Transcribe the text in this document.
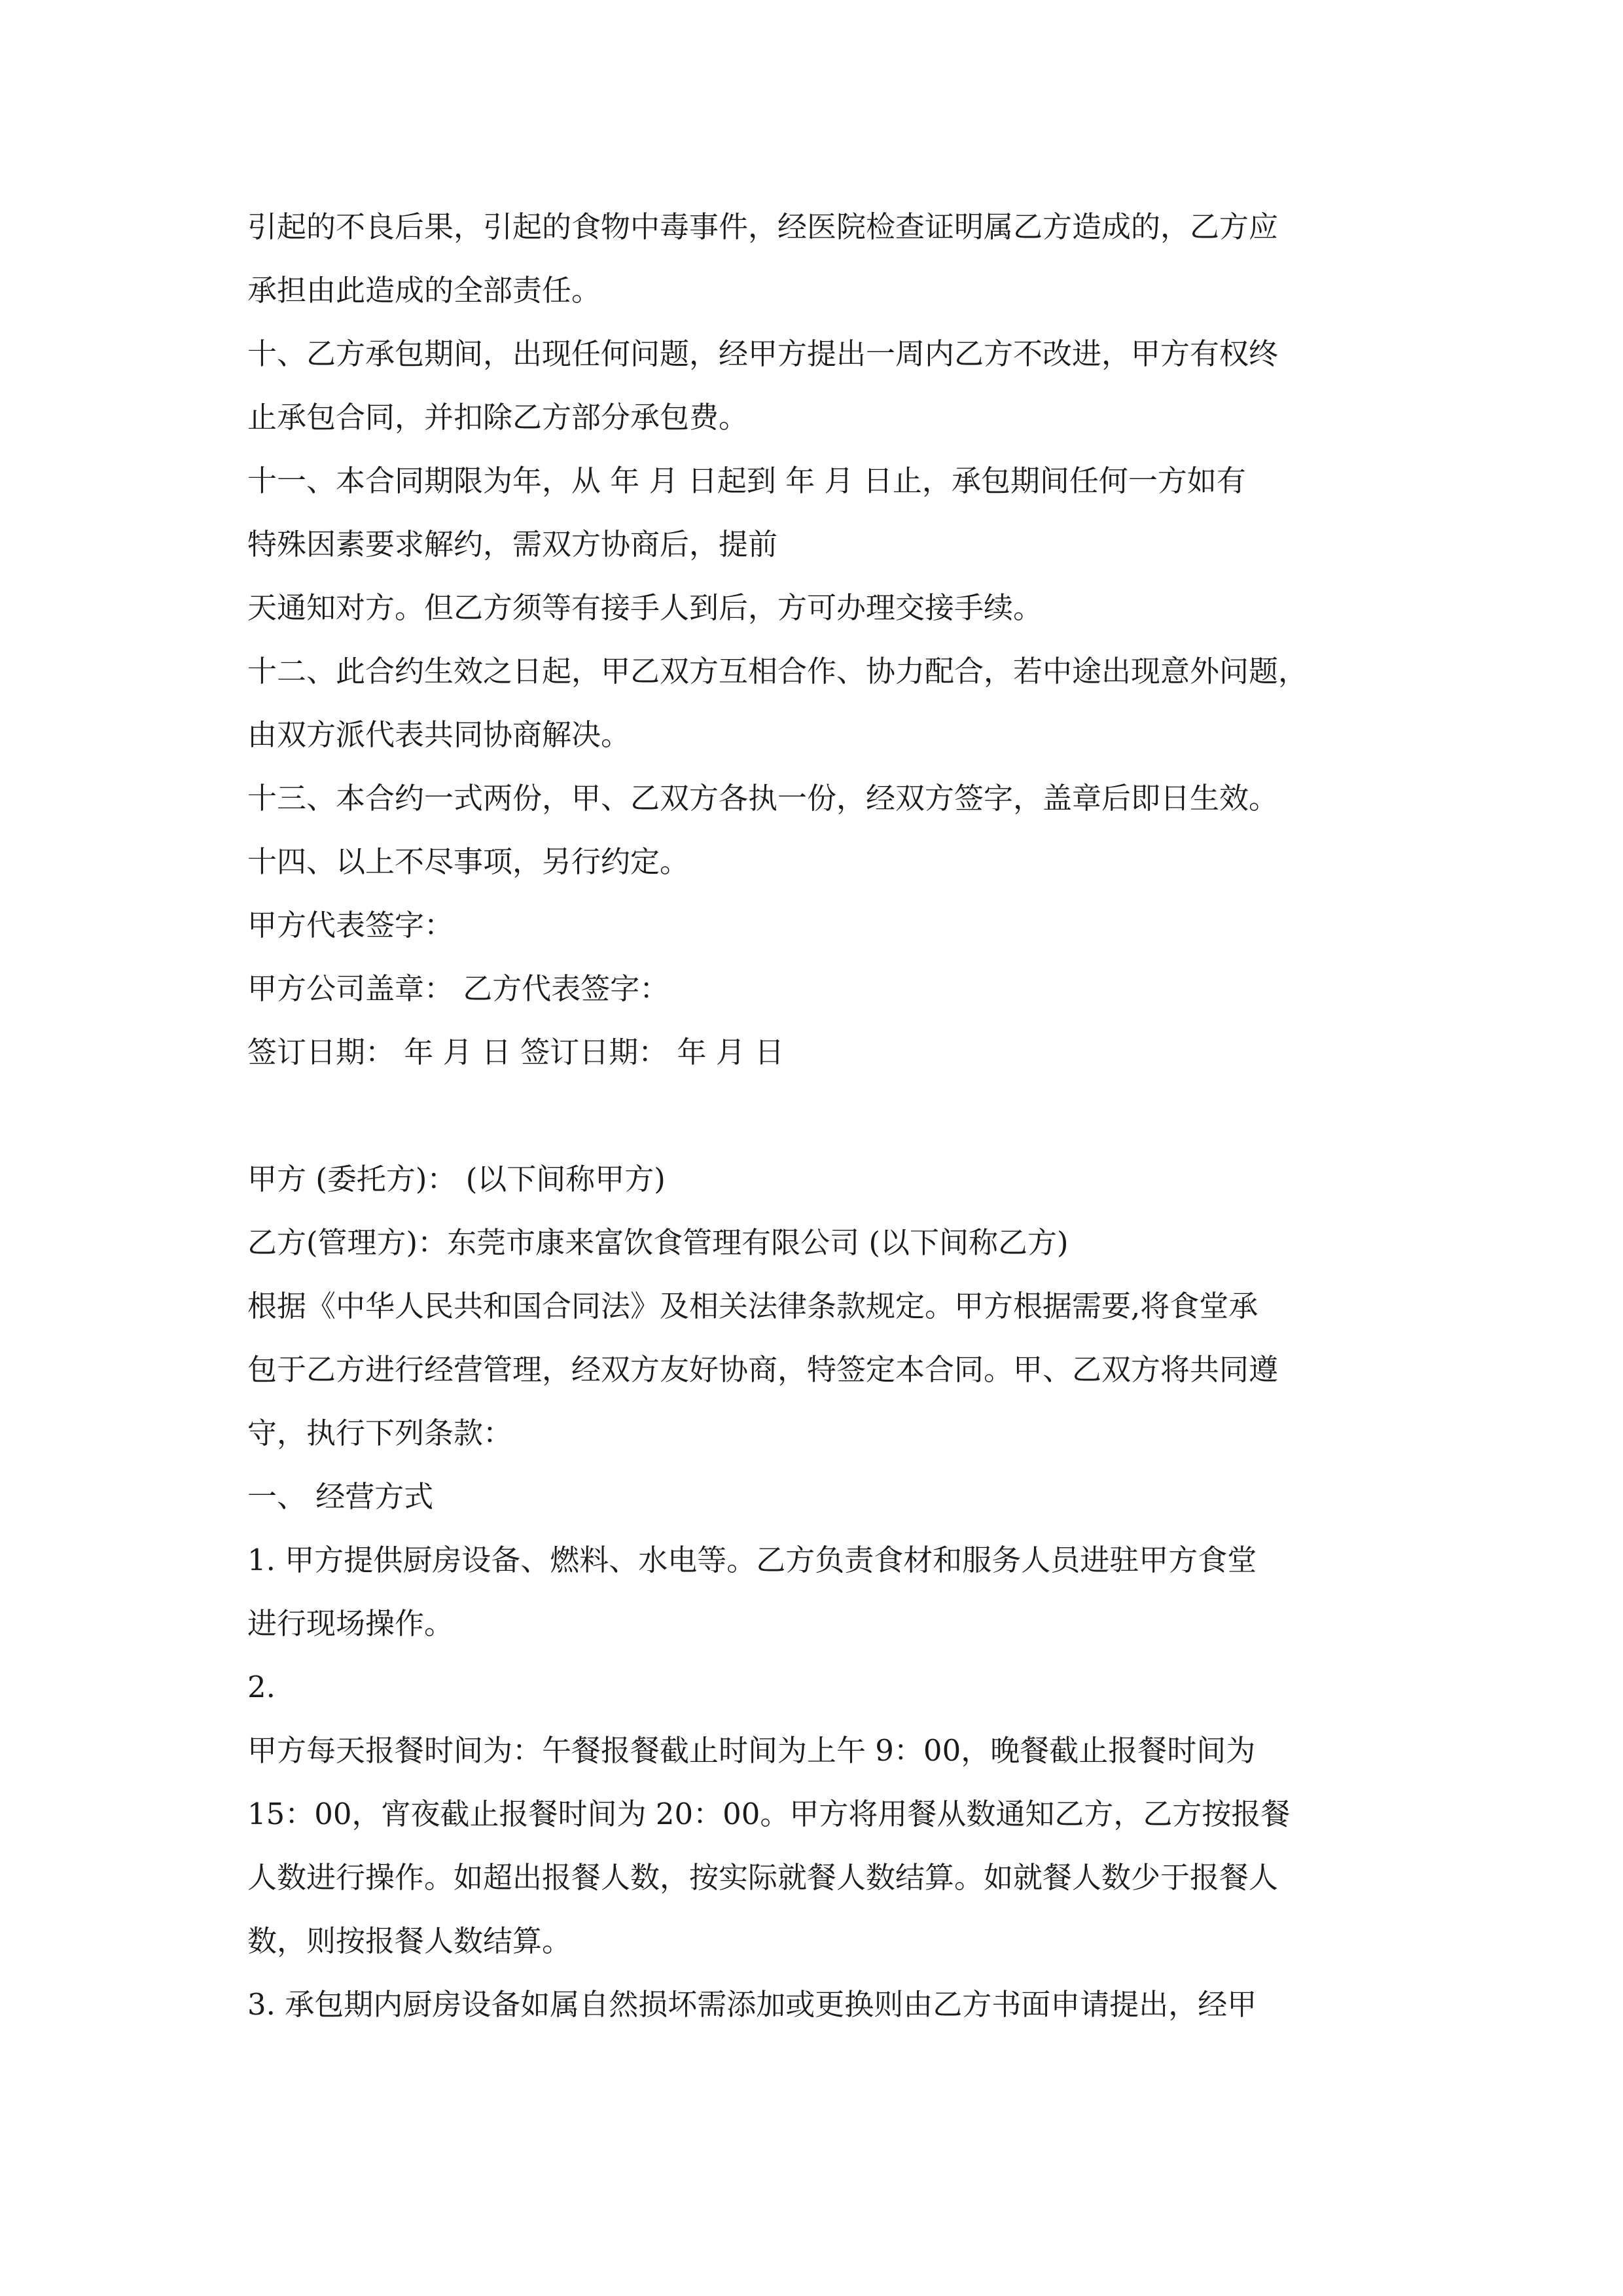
引起的不良后果，引起的食物中毒事件，经医院检查证明属乙方造成的，乙方应
承担由此造成的全部责任。
十、乙方承包期间，出现任何问题，经甲方提出一周内乙方不改进，甲方有权终
止承包合同，并扣除乙方部分承包费。
十一、本合同期限为年，从 年 月 日起到 年 月 日止，承包期间任何一方如有
特殊因素要求解约，需双方协商后，提前
天通知对方。但乙方须等有接手人到后，方可办理交接手续。
十二、此合约生效之日起，甲乙双方互相合作、协力配合，若中途出现意外问题，
由双方派代表共同协商解决。
十三、本合约一式两份，甲、乙双方各执一份，经双方签字，盖章后即日生效。
十四、以上不尽事项，另行约定。
甲方代表签字：
甲方公司盖章： 乙方代表签字：
签订日期： 年 月 日 签订日期： 年 月 日
甲方 (委托方)： (以下间称甲方)
乙方(管理方)：东莞市康来富饮食管理有限公司 (以下间称乙方)
根据《中华人民共和国合同法》及相关法律条款规定。甲方根据需要,将食堂承
包于乙方进行经营管理，经双方友好协商，特签定本合同。甲、乙双方将共同遵
守，执行下列条款：
一、 经营方式
1. 甲方提供厨房设备、燃料、水电等。乙方负责食材和服务人员进驻甲方食堂
进行现场操作。
2.
甲方每天报餐时间为：午餐报餐截止时间为上午 9：00，晚餐截止报餐时间为
15：00，宵夜截止报餐时间为 20：00。甲方将用餐从数通知乙方，乙方按报餐
人数进行操作。如超出报餐人数，按实际就餐人数结算。如就餐人数少于报餐人
数，则按报餐人数结算。
3. 承包期内厨房设备如属自然损坏需添加或更换则由乙方书面申请提出，经甲
